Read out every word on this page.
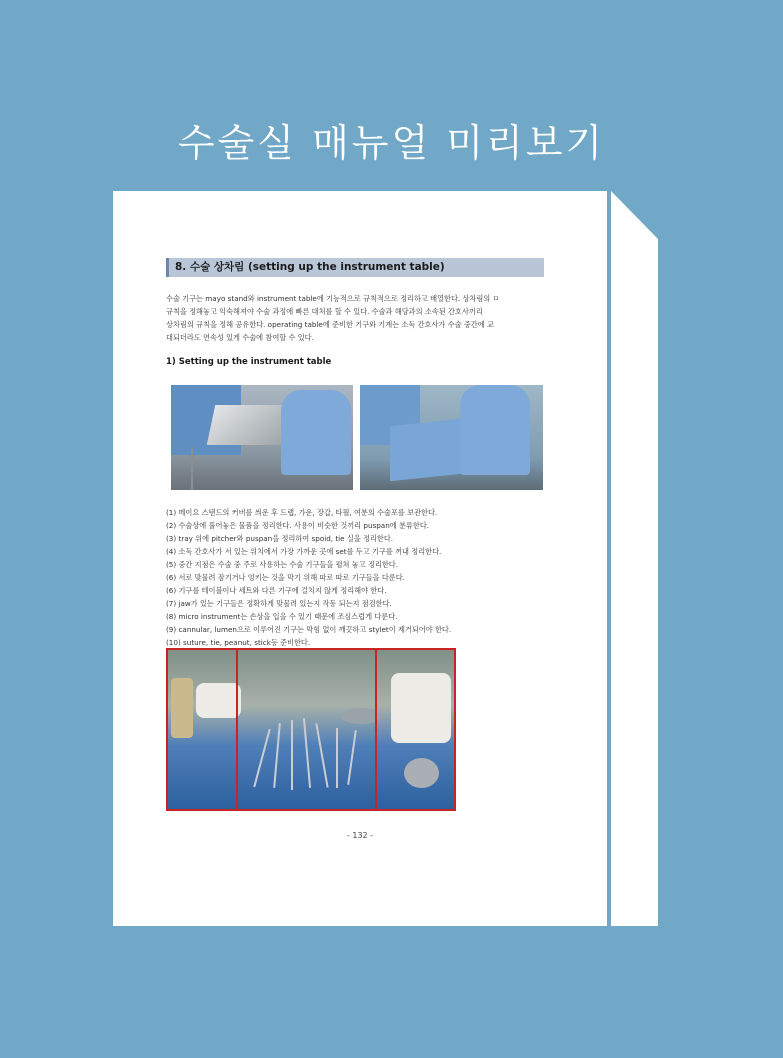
수술실 매뉴얼 미리보기
8. 수술 상차림 (setting up the instrument table)

수술 기구는 mayo stand와 instrument table에 기능적으로 규칙적으로 정리하고 배열한다. 상차림의 ㅁ

규칙을 정해놓고 익숙해져야 수술 과정에 빠른 대처를 할 수 있다. 수술과 해당과의 소속된 간호사끼리

상차림의 규칙을 정해 공유한다. operating table에 준비한 기구와 기계는 소독 간호사가 수술 중간에 교

대되더라도 연속성 있게 수술에 참여할 수 있다.

1) Setting up the instrument table
(1) 메이요 스탠드의 커버를 씌운 후 드랩, 가운, 장갑, 타월, 여분의 수술포를 보관한다.
(2) 수술상에 풀어놓은 물품을 정리한다. 사용이 비슷한 것끼리 puspan에 분류한다.
(3) tray 위에 pitcher와 puspan을 정리하여 spoid, tie 실을 정리한다.
(4) 소독 간호사가 서 있는 위치에서 가장 가까운 곳에 set를 두고 기구를 꺼내 정리한다.
(5) 중간 지점은 수술 중 주로 사용하는 수술 기구들을 펼쳐 놓고 정리한다.
(6) 서로 맞물려 잠기거나 엉키는 것을 막기 위해 따로 따로 기구들을 다룬다.
(6) 기구를 테이블이나 세트와 다른 기구에 걸치지 않게 정리해야 한다.
(7) jaw가 있는 기구들은 정확하게 맞물려 있는지 작동 되는지 점검한다.
(8) micro instrument는 손상을 입을 수 있기 때문에 조심스럽게 다룬다.
(9) cannular, lumen으로 이루어진 기구는 막힘 없이 깨끗하고 stylet이 제거되어야 한다.
(10) suture, tie, peanut, stick등 준비한다.
- 132 -
